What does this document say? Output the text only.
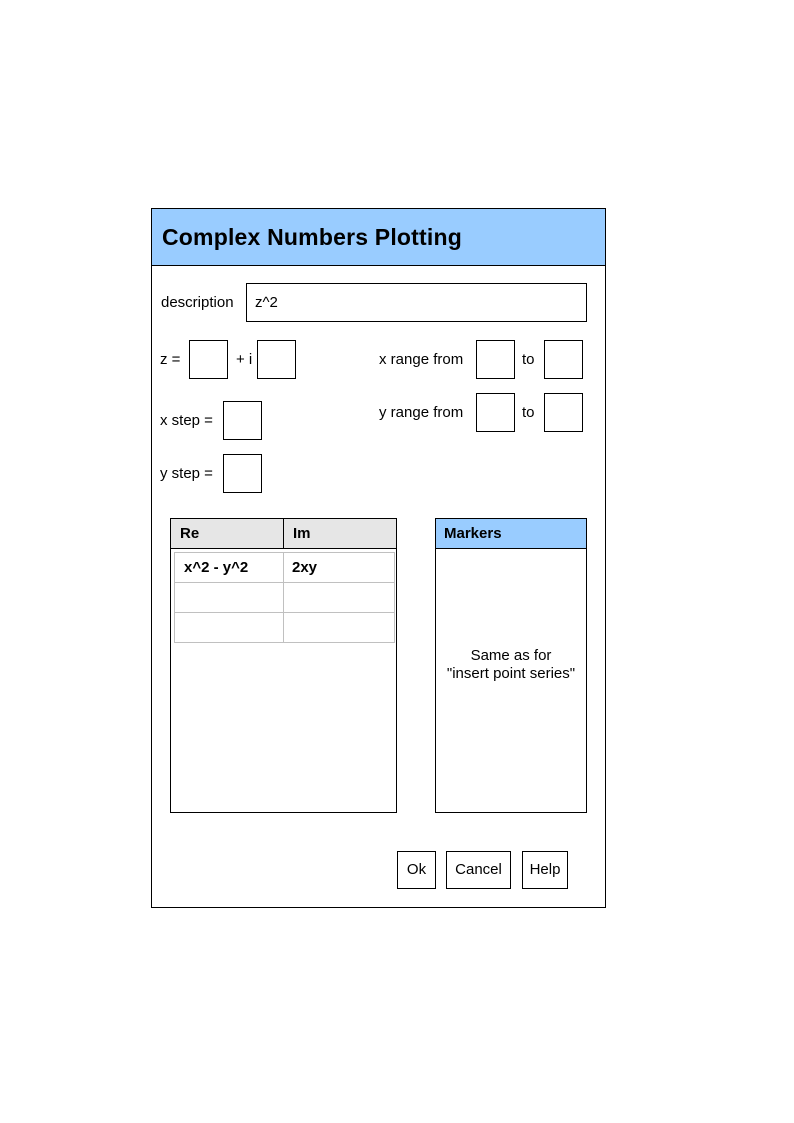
Complex Numbers Plotting
description
z^2
z =	+ i	x range from	to
y range from	to
x step =
y step =
Re	Im
x^2 - y^2	2xy
Markers
Same as for
"insert point series"
Ok	Cancel	Help
